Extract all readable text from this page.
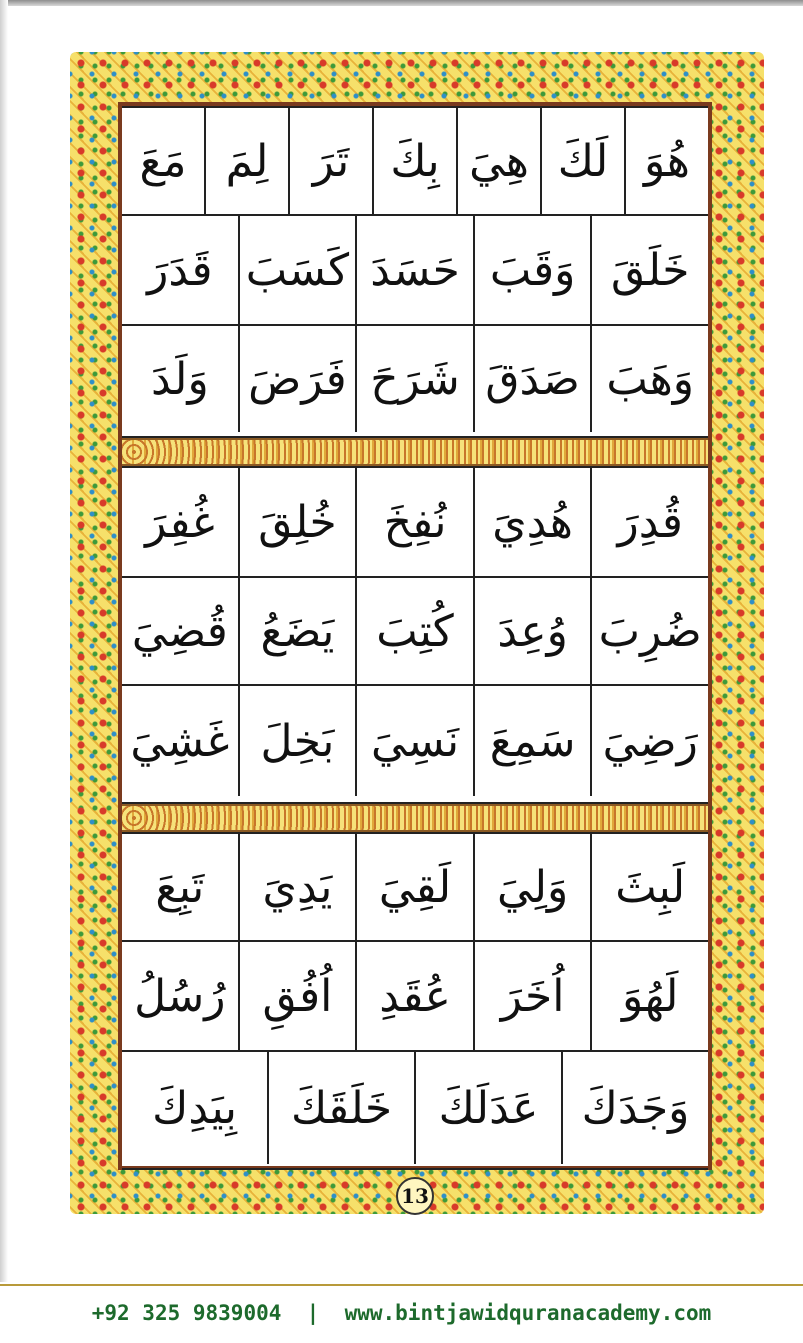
هُوَ
لَكَ
هِيَ
بِكَ
تَرَ
لِمَ
مَعَ
خَلَقَ
وَقَبَ
حَسَدَ
كَسَبَ
قَدَرَ
وَهَبَ
صَدَقَ
شَرَحَ
فَرَضَ
وَلَدَ
قُدِرَ
هُدِيَ
نُفِخَ
خُلِقَ
غُفِرَ
ضُرِبَ
وُعِدَ
كُتِبَ
يَضَعُ
قُضِيَ
رَضِيَ
سَمِعَ
نَسِيَ
بَخِلَ
غَشِيَ
لَبِثَ
وَلِيَ
لَقِيَ
يَدِيَ
تَبِعَ
لَهُوَ
اُخَرَ
عُقَدِ
اُفُقِ
رُسُلُ
وَجَدَكَ
عَدَلَكَ
خَلَقَكَ
بِيَدِكَ
13
+92 325 9839004  |  www.bintjawidquranacademy.com
